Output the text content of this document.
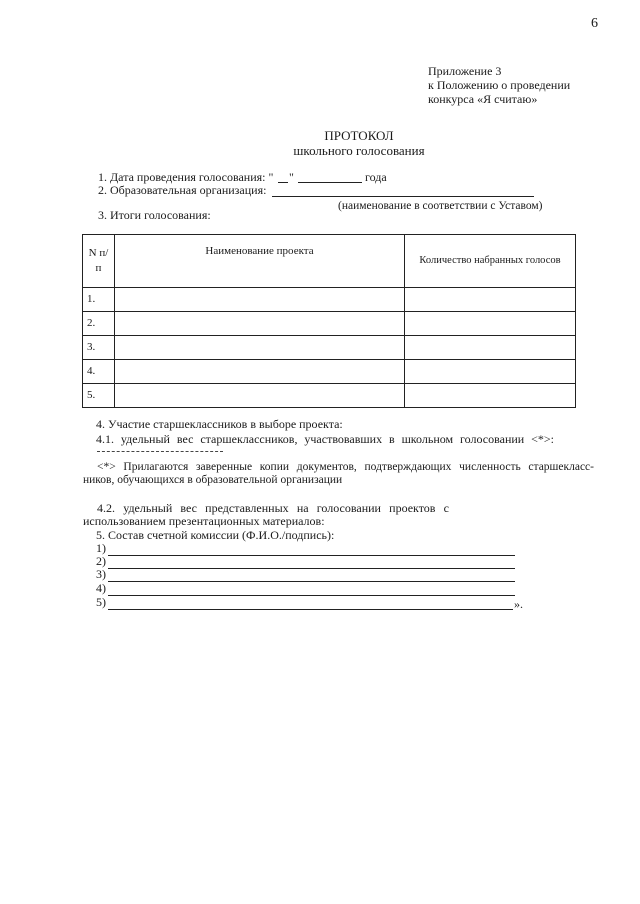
6
Приложение 3
к Положению о проведении
конкурса «Я считаю»
ПРОТОКОЛ
школьного голосования
1. Дата проведения голосования: " "	года
2. Образовательная организация:
(наименование в соответствии с Уставом)
3. Итоги голосования:
N п/п	Наименование проекта	Количество набранных голосов
1.		
2.		
3.		
4.		
5.		
4. Участие старшеклассников в выборе проекта:
4.1. удельный вес старшеклассников, участвовавших в школьном голосовании <*>:
<*> Прилагаются заверенные копии документов, подтверждающих численность старшекласс-
ников, обучающихся в образовательной организации
4.2. удельный вес представленных на голосовании проектов с
использованием презентационных материалов:
5. Состав счетной комиссии (Ф.И.О./подпись):
1)
2)
3)
4)
5)	».
